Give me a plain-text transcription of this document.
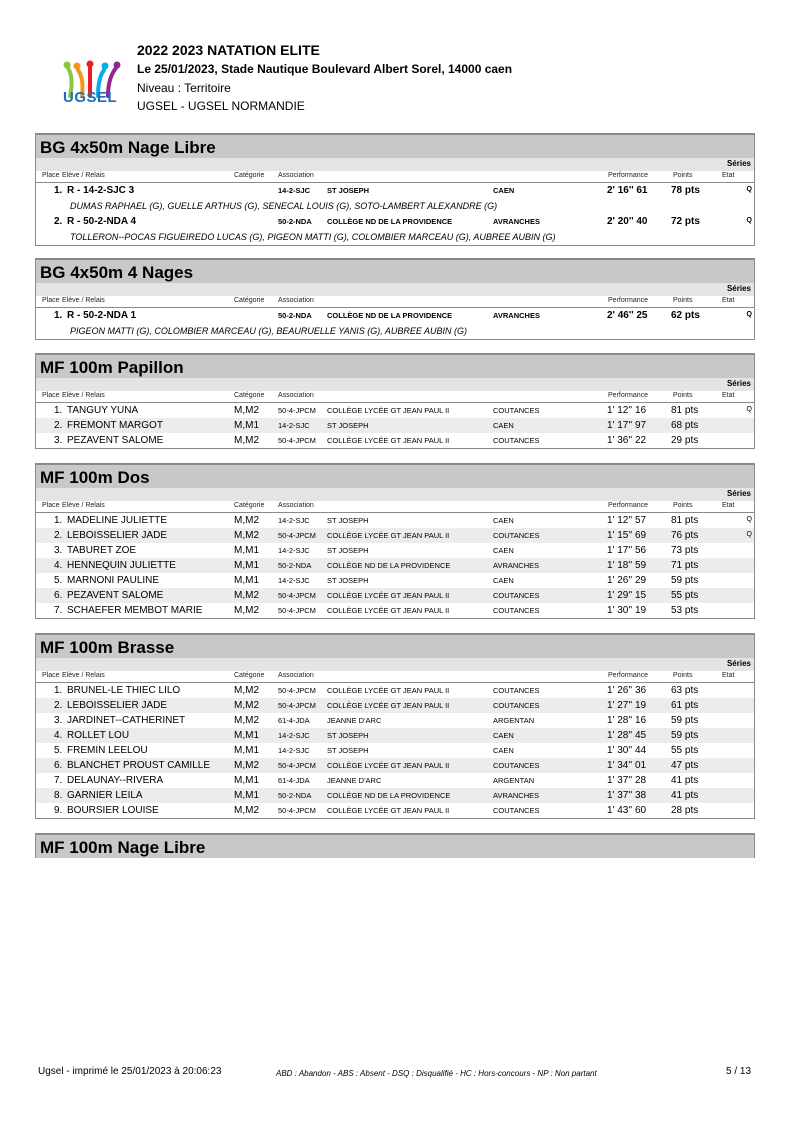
UGSEL
2022 2023 NATATION ELITE
Le 25/01/2023, Stade Nautique Boulevard Albert Sorel, 14000 caen
Niveau : Territoire
UGSEL - UGSEL NORMANDIE
BG 4x50m Nage Libre
Séries
Place Elève / Relais	Catégorie Association	Performance	Points	Etat
1. R - 14-2-SJC 3	14-2-SJC ST JOSEPH	CAEN	2' 16'' 61 78 pts	Q
DUMAS RAPHAEL (G), GUELLE ARTHUS (G), SENECAL LOUIS (G), SOTO-LAMBERT ALEXANDRE (G)
2. R - 50-2-NDA 4	50-2-NDA COLLÈGE ND DE LA PROVIDENCE	AVRANCHES	2' 20'' 40 72 pts	Q
TOLLERON--POCAS FIGUEIREDO LUCAS (G), PIGEON MATTI (G), COLOMBIER MARCEAU (G), AUBREE AUBIN (G)
BG 4x50m 4 Nages
Séries
Place Elève / Relais	Catégorie Association	Performance	Points	Etat
1. R - 50-2-NDA 1	50-2-NDA COLLÈGE ND DE LA PROVIDENCE	AVRANCHES	2' 46'' 25 62 pts	Q
PIGEON MATTI (G), COLOMBIER MARCEAU (G), BEAURUELLE YANIS (G), AUBREE AUBIN (G)
MF 100m Papillon
Séries
Place Elève / Relais	Catégorie Association	Performance	Points	Etat
1. TANGUY YUNA	M,M2	50-4-JPCM COLLÈGE LYCÉE GT JEAN PAUL II	COUTANCES	1' 12'' 16 81 pts	Q
2. FREMONT MARGOT	M,M1	14-2-SJC ST JOSEPH	CAEN	1' 17'' 97 68 pts
3. PEZAVENT SALOME	M,M2	50-4-JPCM COLLÈGE LYCÉE GT JEAN PAUL II	COUTANCES	1' 36'' 22 29 pts
MF 100m Dos
Séries
Place Elève / Relais	Catégorie Association	Performance	Points	Etat
1. MADELINE JULIETTE	M,M2	14-2-SJC ST JOSEPH	CAEN	1' 12'' 57 81 pts	Q
2. LEBOISSELIER JADE	M,M2	50-4-JPCM COLLÈGE LYCÉE GT JEAN PAUL II	COUTANCES	1' 15'' 69 76 pts	Q
3. TABURET ZOE	M,M1	14-2-SJC ST JOSEPH	CAEN	1' 17'' 56 73 pts
4. HENNEQUIN JULIETTE	M,M1	50-2-NDA COLLÈGE ND DE LA PROVIDENCE	AVRANCHES	1' 18'' 59 71 pts
5. MARNONI PAULINE	M,M1	14-2-SJC ST JOSEPH	CAEN	1' 26'' 29 59 pts
6. PEZAVENT SALOME	M,M2	50-4-JPCM COLLÈGE LYCÉE GT JEAN PAUL II	COUTANCES	1' 29'' 15 55 pts
7. SCHAEFER MEMBOT MARIE	M,M2	50-4-JPCM COLLÈGE LYCÉE GT JEAN PAUL II	COUTANCES	1' 30'' 19 53 pts
MF 100m Brasse
Séries
Place Elève / Relais	Catégorie Association	Performance	Points	Etat
1. BRUNEL-LE THIEC LILO	M,M2	50-4-JPCM COLLÈGE LYCÉE GT JEAN PAUL II	COUTANCES	1' 26'' 36 63 pts
2. LEBOISSELIER JADE	M,M2	50-4-JPCM COLLÈGE LYCÉE GT JEAN PAUL II	COUTANCES	1' 27'' 19 61 pts
3. JARDINET--CATHERINET	M,M2	61-4-JDA JEANNE D'ARC	ARGENTAN	1' 28'' 16 59 pts
4. ROLLET LOU	M,M1	14-2-SJC ST JOSEPH	CAEN	1' 28'' 45 59 pts
5. FREMIN LEELOU	M,M1	14-2-SJC ST JOSEPH	CAEN	1' 30'' 44 55 pts
6. BLANCHET PROUST CAMILLE M,M2	50-4-JPCM COLLÈGE LYCÉE GT JEAN PAUL II	COUTANCES	1' 34'' 01 47 pts
7. DELAUNAY--RIVERA	M,M1	61-4-JDA JEANNE D'ARC	ARGENTAN	1' 37'' 28 41 pts
8. GARNIER LEILA	M,M1	50-2-NDA COLLÈGE ND DE LA PROVIDENCE	AVRANCHES	1' 37'' 38 41 pts
9. BOURSIER LOUISE	M,M2	50-4-JPCM COLLÈGE LYCÉE GT JEAN PAUL II	COUTANCES	1' 43'' 60 28 pts
MF 100m Nage Libre
Ugsel - imprimé le 25/01/2023 à 20:06:23	ABD : Abandon - ABS : Absent - DSQ : Disqualifié - HC : Hors-concours - NP : Non partant	5 / 13
